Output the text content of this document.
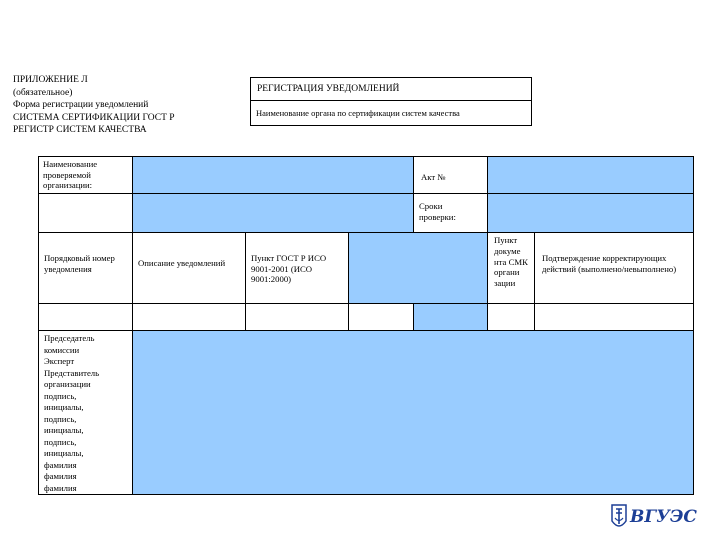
ПРИЛОЖЕНИЕ Л
(обязательное)
Форма регистрации уведомлений
СИСТЕМА СЕРТИФИКАЦИИ ГОСТ Р
РЕГИСТР СИСТЕМ КАЧЕСТВА
РЕГИСТРАЦИЯ УВЕДОМЛЕНИЙ
Наименование органа по сертификации систем качества
Наименование проверяемой организации:
Акт №
Сроки проверки:
Порядковый номер уведомления
Описание уведомлений	Пункт ГОСТ Р ИСО 9001-2001 (ИСО 9001:2000)
Пункт докуме нта СМК органи зации
Подтверждение корректирующих действий (выполнено/невыполнено)
Председатель комиссии Эксперт Представитель организации подпись, инициалы, подпись, инициалы, подпись, инициалы, фамилия фамилия фамилия
ВГУЭС
